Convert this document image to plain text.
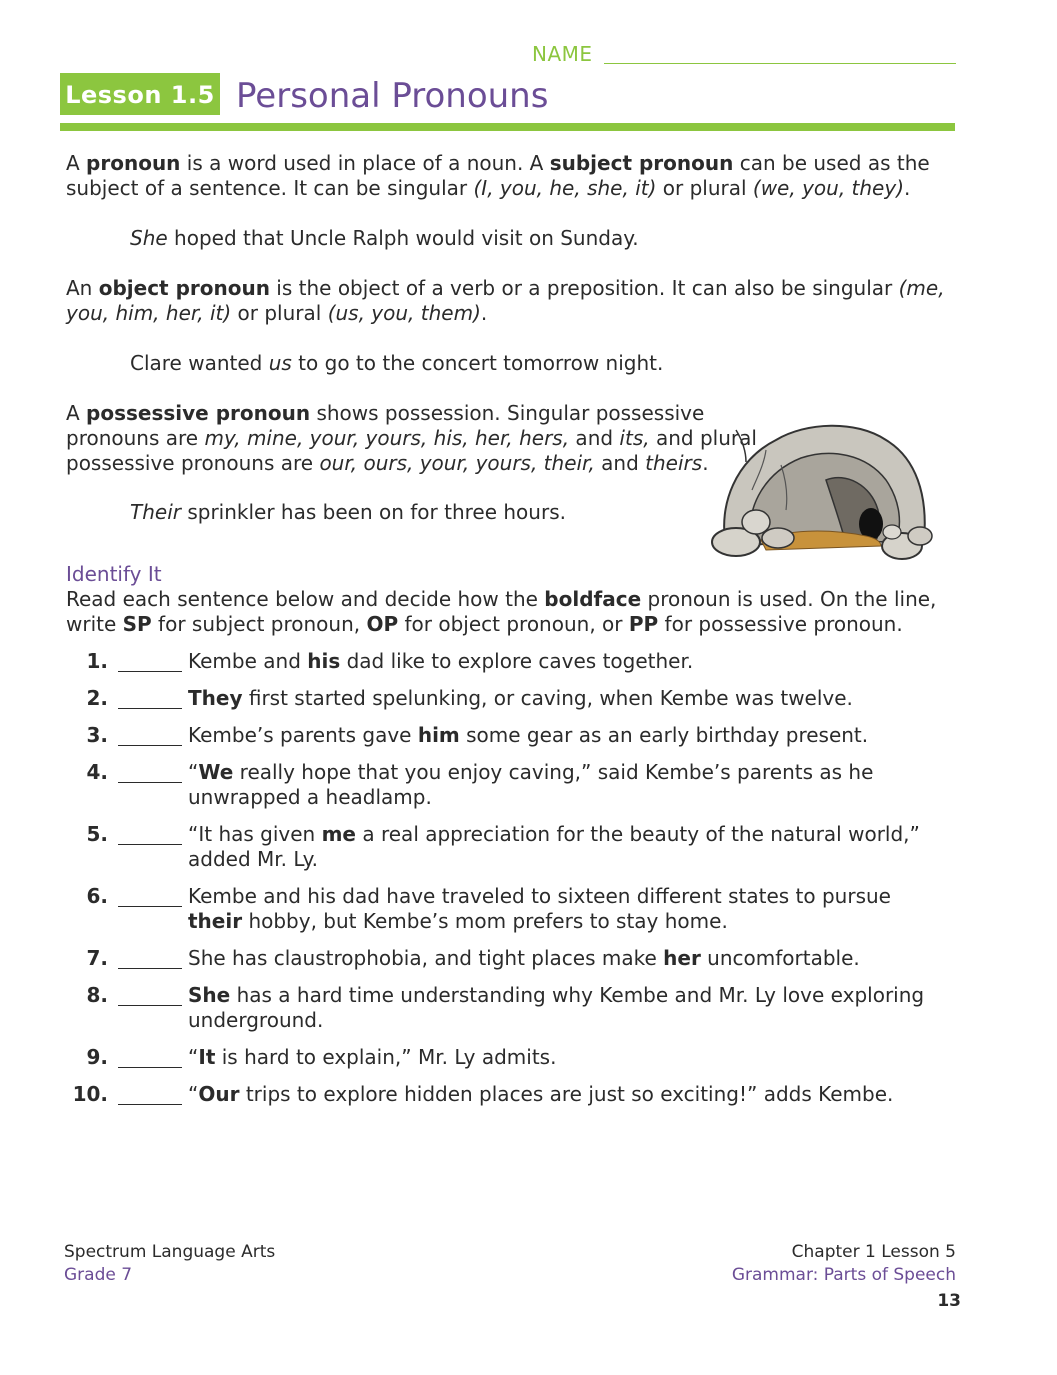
NAME
Lesson 1.5 Personal Pronouns
A pronoun is a word used in place of a noun. A subject pronoun can be used as the subject of a sentence. It can be singular (I, you, he, she, it) or plural (we, you, they).
She hoped that Uncle Ralph would visit on Sunday.
An object pronoun is the object of a verb or a preposition. It can also be singular (me, you, him, her, it) or plural (us, you, them).
Clare wanted us to go to the concert tomorrow night.
A possessive pronoun shows possession. Singular possessive pronouns are my, mine, your, yours, his, her, hers, and its, and plural possessive pronouns are our, ours, your, yours, their, and theirs.
Their sprinkler has been on for three hours.
Identify It
Read each sentence below and decide how the boldface pronoun is used. On the line, write SP for subject pronoun, OP for object pronoun, or PP for possessive pronoun.
1.	Kembe and his dad like to explore caves together.
2.	They first started spelunking, or caving, when Kembe was twelve.
3.	Kembe’s parents gave him some gear as an early birthday present.
4.	“We really hope that you enjoy caving,” said Kembe’s parents as he unwrapped a headlamp.
5.	“It has given me a real appreciation for the beauty of the natural world,” added Mr. Ly.
6.	Kembe and his dad have traveled to sixteen different states to pursue their hobby, but Kembe’s mom prefers to stay home.
7.	She has claustrophobia, and tight places make her uncomfortable.
8.	She has a hard time understanding why Kembe and Mr. Ly love exploring underground.
9.	“It is hard to explain,” Mr. Ly admits.
10.	“Our trips to explore hidden places are just so exciting!” adds Kembe.
Spectrum Language Arts
Grade 7
Chapter 1 Lesson 5
Grammar: Parts of Speech
13
